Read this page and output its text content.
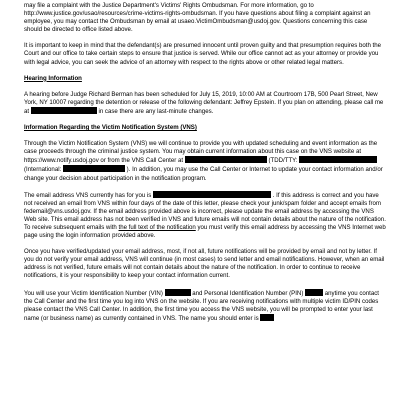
may file a complaint with the Justice Department's Victims' Rights Ombudsman. For more information, go to http://www.justice.gov/usao/resources/crime-victims-rights-ombudsman. If you have questions about filing a complaint against an employee, you may contact the Ombudsman by email at usaeo.VictimOmbudsman@usdoj.gov. Questions concerning this case should be directed to office listed above.

It is important to keep in mind that the defendant(s) are presumed innocent until proven guilty and that presumption requires both the Court and our office to take certain steps to ensure that justice is served. While our office cannot act as your attorney or provide you with legal advice, you can seek the advice of an attorney with respect to the rights above or other related legal matters.

Hearing Information

A hearing before Judge Richard Berman has been scheduled for July 15, 2019, 10:00 AM at Courtroom 17B, 500 Pearl Street, New York, NY 10007 regarding the detention or release of the following defendant: Jeffrey Epstein. If you plan on attending, please call me at	in case there are any last-minute changes.

Information Regarding the Victim Notification System (VNS)

Through the Victim Notification System (VNS) we will continue to provide you with updated scheduling and event information as the case proceeds through the criminal justice system. You may obtain current information about this case on the VNS website at https://www.notify.usdoj.gov or from the VNS Call Center at	(TDD/TTY:  (International:	). In addition, you may use the Call Center or Internet to update your contact information and/or change your decision about participation in the notification program.

The email address VNS currently has for you is	. If this address is correct and you have not received an email from VNS within four days of the date of this letter, please check your junk/spam folder and accept emails from fedemail@vns.usdoj.gov. If the email address provided above is incorrect, please update the email address by accessing the VNS Web site. This email address has not been verified in VNS and future emails will not contain details about the nature of the notification. To receive subsequent emails with the full text of the notification you must verify this email address by accessing the VNS Internet web page using the login information provided above.

Once you have verified/updated your email address, most, if not all, future notifications will be provided by email and not by letter. If you do not verify your email address, VNS will continue (in most cases) to send letter and email notifications. However, when an email address is not verified, future emails will not contain details about the nature of the notification. In order to continue to receive notifications, it is your responsibility to keep your contact information current.

You will use your Victim Identification Number (VIN)	and Personal Identification Number (PIN)	anytime you contact the Call Center and the first time you log into VNS on the website. If you are receiving notifications with multiple victim ID/PIN codes please contact the VNS Call Center. In addition, the first time you access the VNS website, you will be prompted to enter your last name (or business name) as currently contained in VNS. The name you should enter is
